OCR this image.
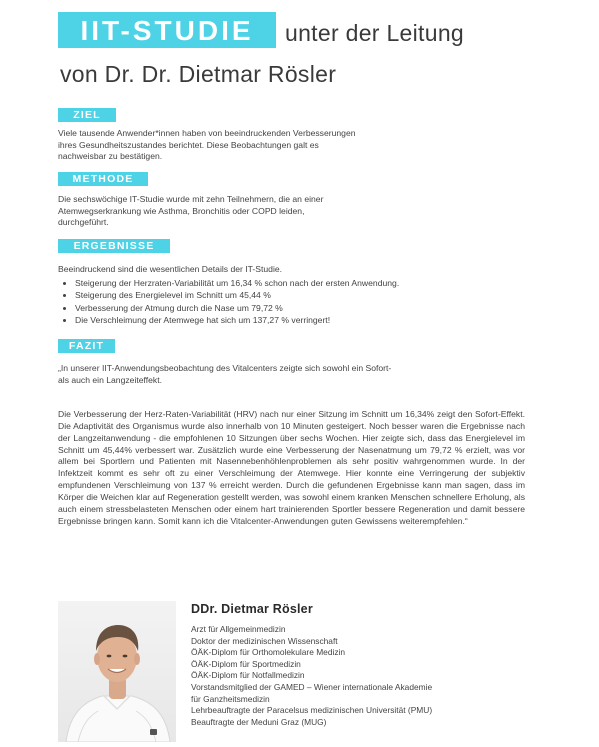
IIT-STUDIE	unter der Leitung
von Dr. Dr. Dietmar Rösler
ZIEL
Viele tausende Anwender*innen haben von beeindruckenden Verbesserungen
ihres Gesundheitszustandes berichtet. Diese Beobachtungen galt es
nachweisbar zu bestätigen.
METHODE
Die sechswöchige IT-Studie wurde mit zehn Teilnehmern, die an einer
Atemwegserkrankung wie Asthma, Bronchitis oder COPD leiden,
durchgeführt.
ERGEBNISSE
Beeindruckend sind die wesentlichen Details der IT-Studie.
• Steigerung der Herzraten-Variabilität um 16,34 % schon nach der ersten Anwendung.
• Steigerung des Energielevel im Schnitt um 45,44 %
• Verbesserung der Atmung durch die Nase um 79,72 %
• Die Verschleimung der Atemwege hat sich um 137,27 % verringert!
FAZIT
„In unserer IIT-Anwendungsbeobachtung des Vitalcenters zeigte sich sowohl ein Sofort-
als auch ein Langzeiteffekt.
Die Verbesserung der Herz-Raten-Variabilität (HRV) nach nur einer Sitzung im Schnitt um 16,34% zeigt den Sofort-Effekt. Die Adaptivität des Organismus wurde also innerhalb von 10 Minuten gesteigert. Noch besser waren die Ergebnisse nach der Langzeitanwendung - die empfohlenen 10 Sitzungen über sechs Wochen. Hier zeigte sich, dass das Energielevel im Schnitt um 45,44% verbessert war. Zusätzlich wurde eine Verbesserung der Nasenatmung um 79,72 % erzielt, was vor allem bei Sportlern und Patienten mit Nasennebenhöhlenproblemen als sehr positiv wahrgenommen wurde. In der Infektzeit kommt es sehr oft zu einer Verschleimung der Atemwege. Hier konnte eine Verringerung der subjektiv empfundenen Verschleimung von 137 % erreicht werden. Durch die gefundenen Ergebnisse kann man sagen, dass im Körper die Weichen klar auf Regeneration gestellt werden, was sowohl einem kranken Menschen schnellere Erholung, als auch einem stressbelasteten Menschen oder einem hart trainierenden Sportler bessere Regeneration und damit bessere Ergebnisse bringen kann. Somit kann ich die Vitalcenter-Anwendungen guten Gewissens weiterempfehlen.“
DDr. Dietmar Rösler
Arzt für Allgemeinmedizin
Doktor der medizinischen Wissenschaft
ÖÄK-Diplom für Orthomolekulare Medizin
ÖÄK-Diplom für Sportmedizin
ÖÄK-Diplom für Notfallmedizin
Vorstandsmitglied der GAMED – Wiener internationale Akademie
für Ganzheitsmedizin
Lehrbeauftragte der Paracelsus medizinischen Universität (PMU)
Beauftragte der Meduni Graz (MUG)
